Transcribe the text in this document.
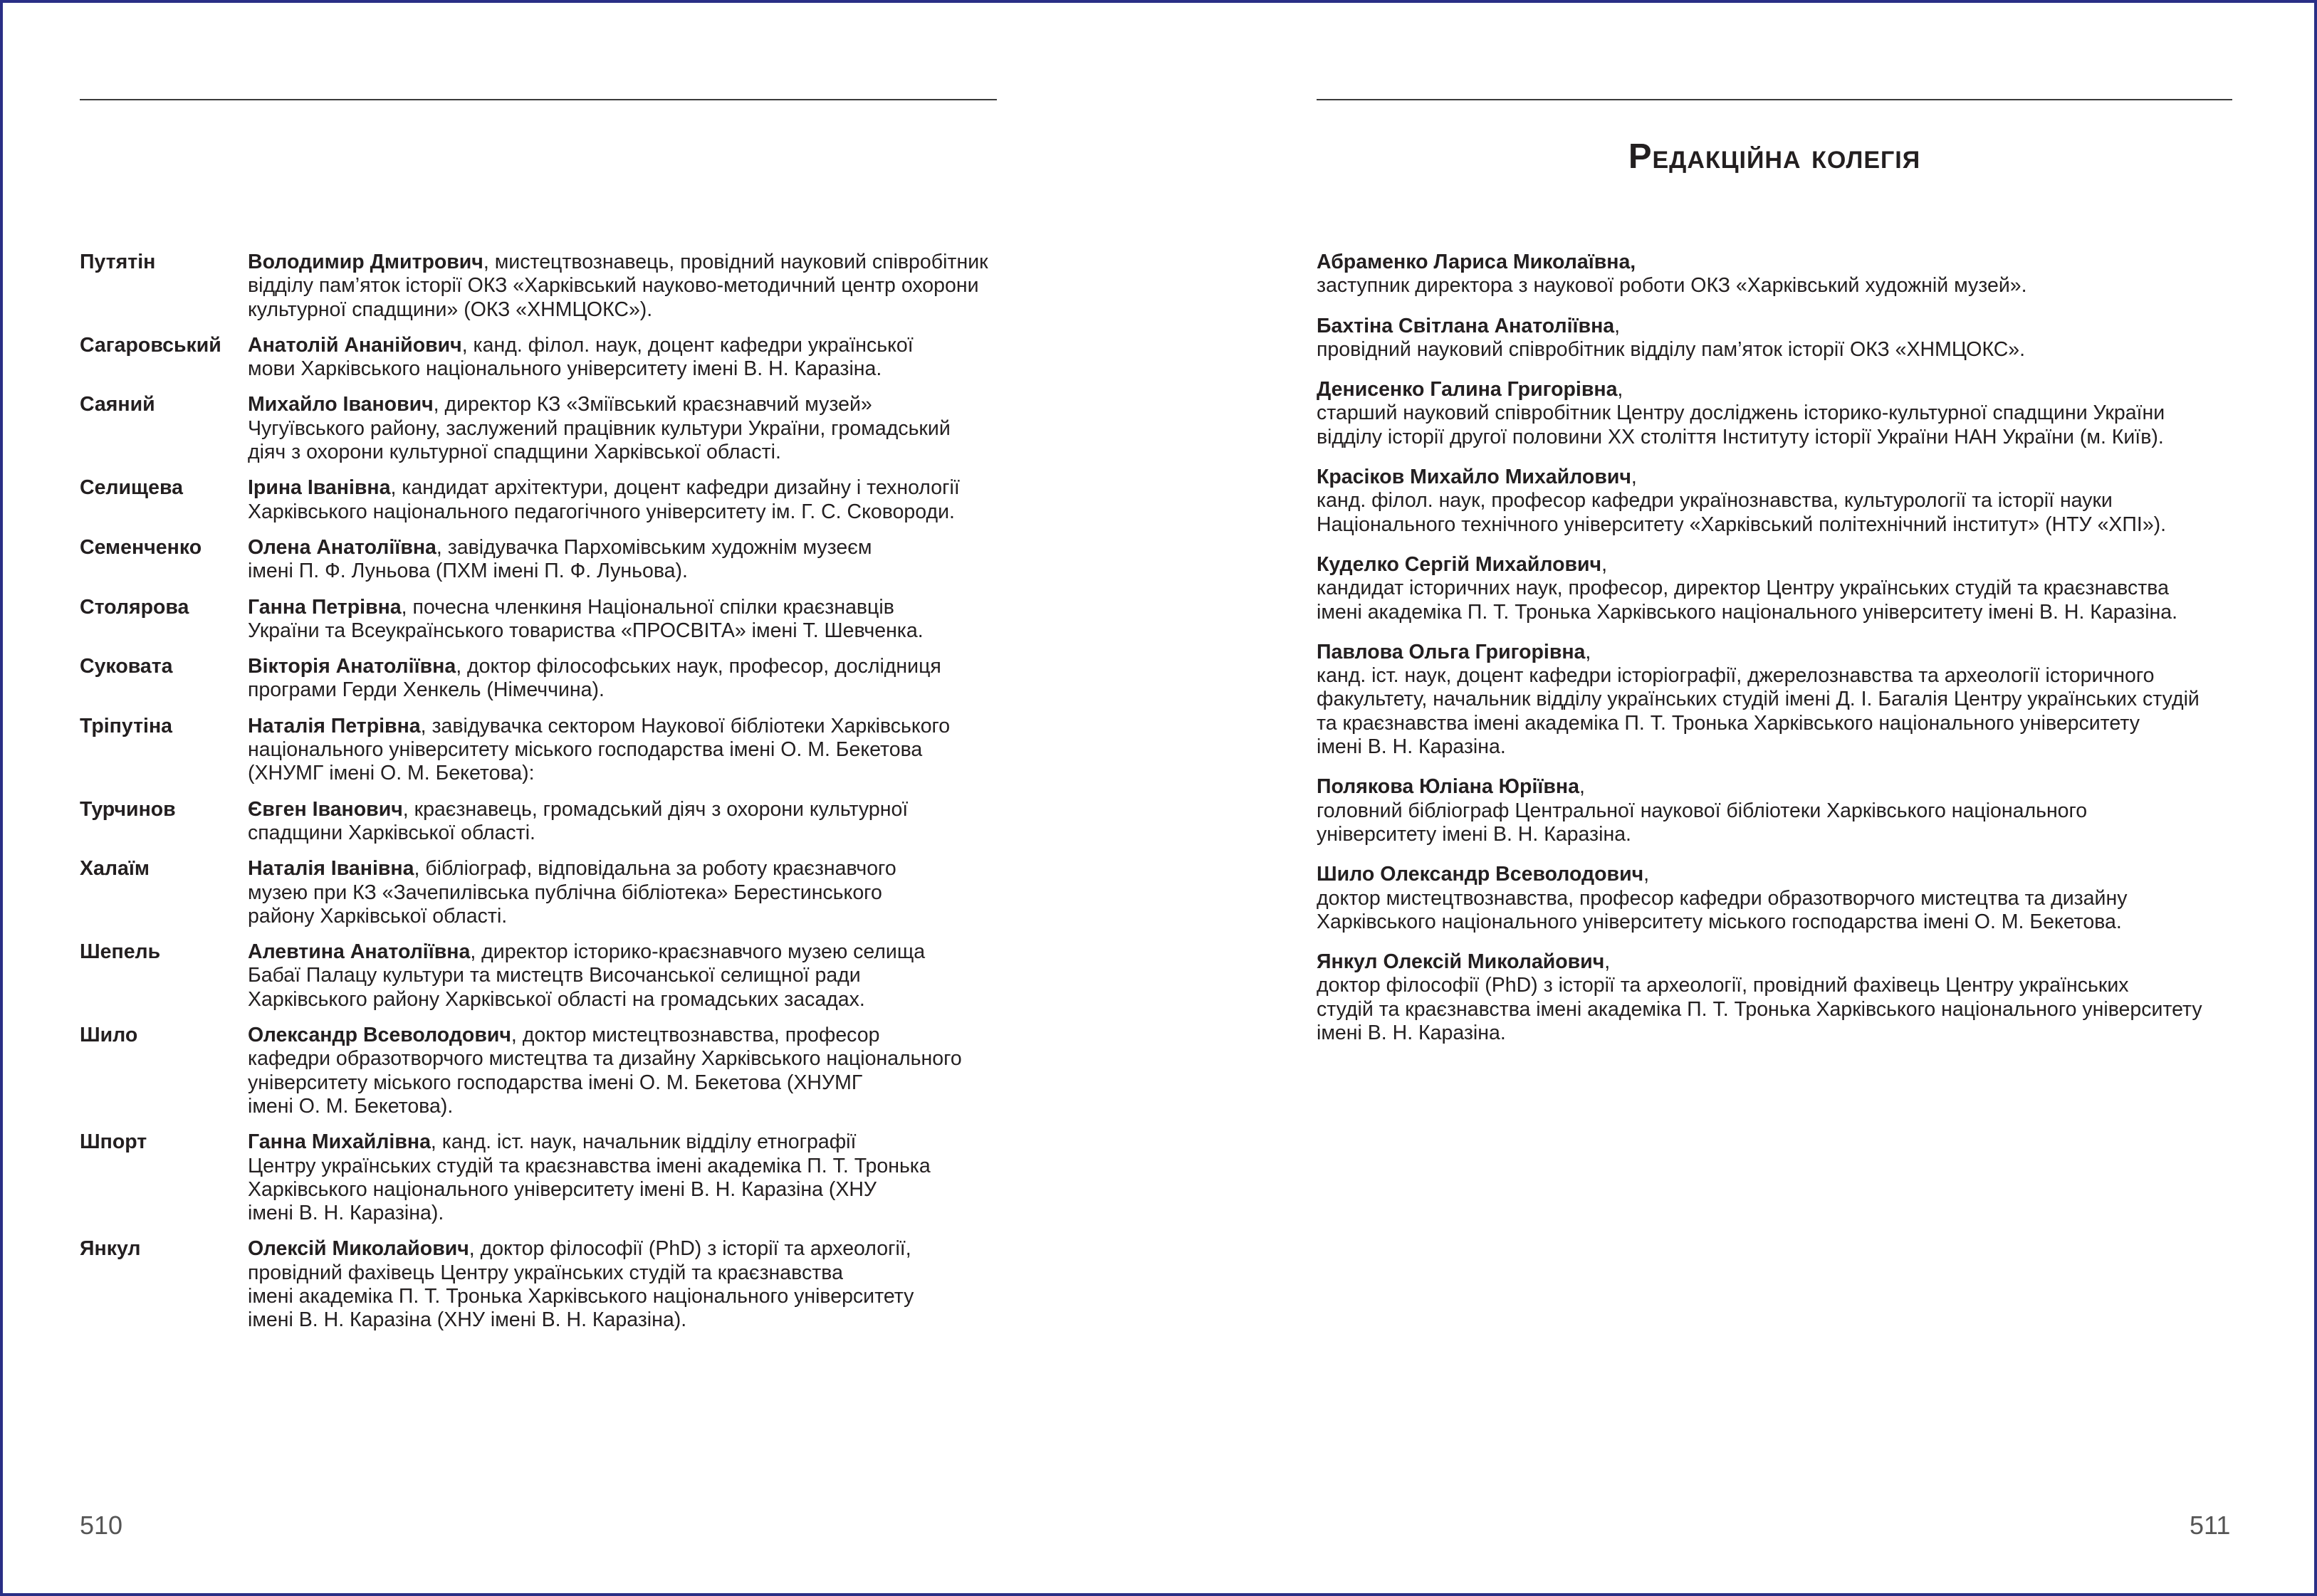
Путятін	Володимир Дмитрович, мистецтвознавець, провідний науковий співробітник
відділу пам’яток історії ОКЗ «Харківський науково-методичний центр охорони
культурної спадщини» (ОКЗ «ХНМЦОКС»).
Сагаровський	Анатолій Ананійович, канд. філол. наук, доцент кафедри української
мови Харківського національного університету імені В. Н. Каразіна.
Саяний	Михайло Іванович, директор КЗ «Зміївський краєзнавчий музей»
Чугуївського району, заслужений працівник культури України, громадський
діяч з охорони культурної спадщини Харківської області.
Селищева	Ірина Іванівна, кандидат архітектури, доцент кафедри дизайну і технології
Харківського національного педагогічного університету ім. Г. С. Сковороди.
Семенченко	Олена Анатоліївна, завідувачка Пархомівським художнім музеєм
імені П. Ф. Луньова (ПХМ імені П. Ф. Луньова).
Столярова	Ганна Петрівна, почесна членкиня Національної спілки краєзнавців
України та Всеукраїнського товариства «ПРОСВІТА» імені Т. Шевченка.
Суковата	Вікторія Анатоліївна, доктор філософських наук, професор, дослідниця
програми Герди Хенкель (Німеччина).
Тріпутіна	Наталія Петрівна, завідувачка сектором Наукової бібліотеки Харківського
національного університету міського господарства імені О. М. Бекетова
(ХНУМГ імені О. М. Бекетова):
Турчинов	Євген Іванович, краєзнавець, громадський діяч з охорони культурної
спадщини Харківської області.
Халаїм	Наталія Іванівна, бібліограф, відповідальна за роботу краєзнавчого
музею при КЗ «Зачепилівська публічна бібліотека» Берестинського
району Харківської області.
Шепель	Алевтина Анатоліївна, директор історико-краєзнавчого музею селища
Бабаї Палацу культури та мистецтв Височанської селищної ради
Харківського району Харківської області на громадських засадах.
Шило	Олександр Всеволодович, доктор мистецтвознавства, професор
кафедри образотворчого мистецтва та дизайну Харківського національного
університету міського господарства імені О. М. Бекетова (ХНУМГ
імені О. М. Бекетова).
Шпорт	Ганна Михайлівна, канд. іст. наук, начальник відділу етнографії
Центру українських студій та краєзнавства імені академіка П. Т. Тронька
Харківського національного університету імені В. Н. Каразіна (ХНУ
імені В. Н. Каразіна).
Янкул	Олексій Миколайович, доктор філософії (PhD) з історії та археології,
провідний фахівець Центру українських студій та краєзнавства
імені академіка П. Т. Тронька Харківського національного університету
імені В. Н. Каразіна (ХНУ імені В. Н. Каразіна).
Редакційна колегія
Абраменко Лариса Миколаївна,
заступник директора з наукової роботи ОКЗ «Харківський художній музей».
Бахтіна Світлана Анатоліївна,
провідний науковий співробітник відділу пам’яток історії ОКЗ «ХНМЦОКС».
Денисенко Галина Григорівна,
старший науковий співробітник Центру досліджень історико-культурної спадщини України
відділу історії другої половини ХХ століття Інституту історії України НАН України (м. Київ).
Красіков Михайло Михайлович,
канд. філол. наук, професор кафедри українознавства, культурології та історії науки
Національного технічного університету «Харківський політехнічний інститут» (НТУ «ХПІ»).
Куделко Сергій Михайлович,
кандидат історичних наук, професор, директор Центру українських студій та краєзнавства
імені академіка П. Т. Тронька Харківського національного університету імені В. Н. Каразіна.
Павлова Ольга Григорівна,
канд. іст. наук, доцент кафедри історіографії, джерелознавства та археології історичного
факультету, начальник відділу українських студій імені Д. І. Багалія Центру українських студій
та краєзнавства імені академіка П. Т. Тронька Харківського національного університету
імені В. Н. Каразіна.
Полякова Юліана Юріївна,
головний бібліограф Центральної наукової бібліотеки Харківського національного
університету імені В. Н. Каразіна.
Шило Олександр Всеволодович,
доктор мистецтвознавства, професор кафедри образотворчого мистецтва та дизайну
Харківського національного університету міського господарства імені О. М. Бекетова.
Янкул Олексій Миколайович,
доктор філософії (PhD) з історії та археології, провідний фахівець Центру українських
студій та краєзнавства імені академіка П. Т. Тронька Харківського національного університету
імені В. Н. Каразіна.
510	511
